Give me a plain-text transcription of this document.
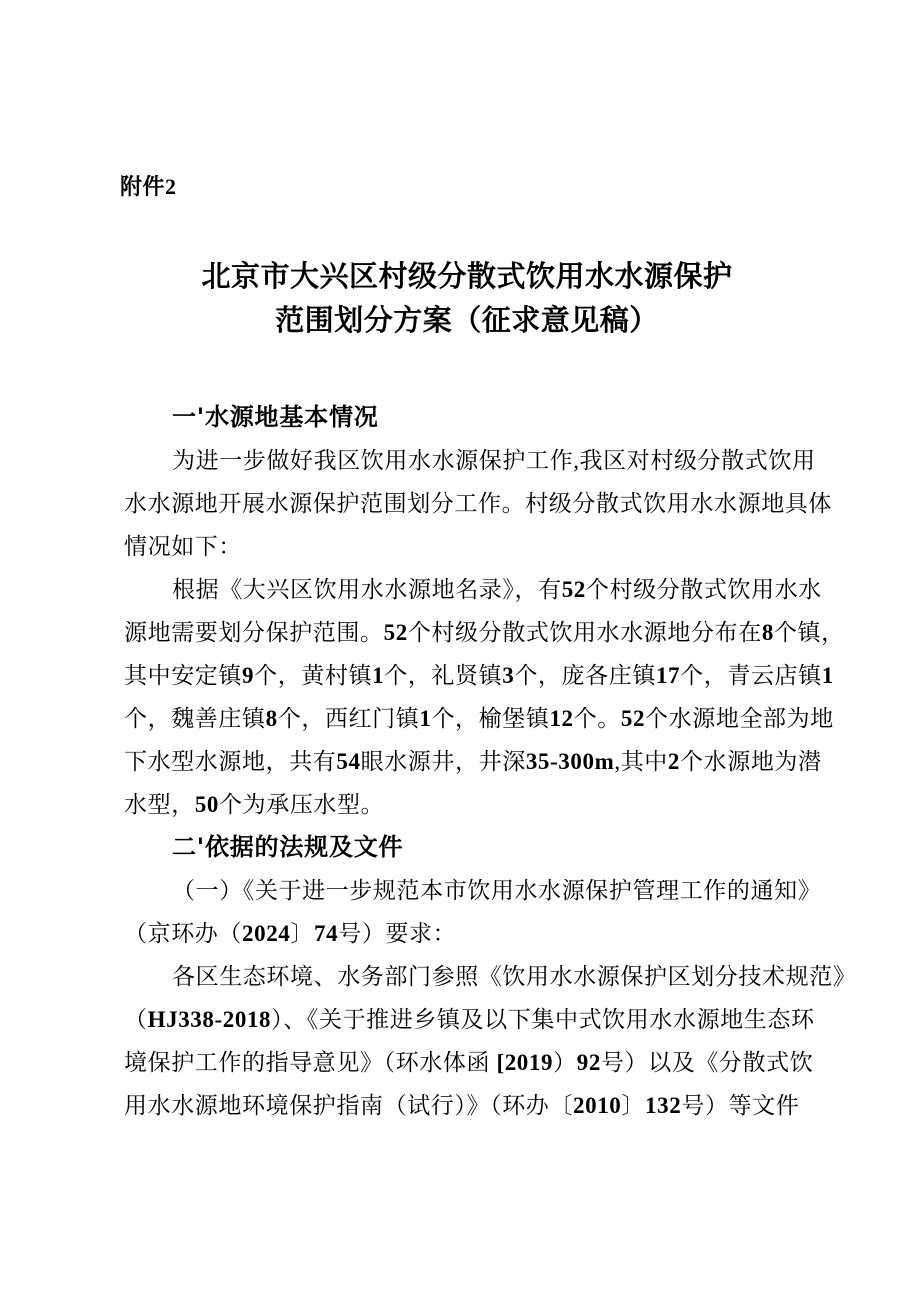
附件2
北京市大兴区村级分散式饮用水水源保护
范围划分方案（征求意见稿）
一'水源地基本情况
为进一步做好我区饮用水水源保护工作,我区对村级分散式饮用
水水源地开展水源保护范围划分工作。村级分散式饮用水水源地具体
情况如下：
根据《大兴区饮用水水源地名录》，有52个村级分散式饮用水水
源地需要划分保护范围。52个村级分散式饮用水水源地分布在8个镇，
其中安定镇9个，黄村镇1个，礼贤镇3个，庞各庄镇17个，青云店镇1
个，魏善庄镇8个，西红门镇1个，榆堡镇12个。52个水源地全部为地
下水型水源地，共有54眼水源井，井深35-300m,其中2个水源地为潜
水型，50个为承压水型。
二'依据的法规及文件
（一）《关于进一步规范本市饮用水水源保护管理工作的通知》
（京环办（2024〕74号）要求：
各区生态环境、水务部门参照《饮用水水源保护区划分技术规范》
（HJ338-2018）、《关于推进乡镇及以下集中式饮用水水源地生态环
境保护工作的指导意见》（环水体函 [2019）92号）以及《分散式饮
用水水源地环境保护指南（试行）》（环办〔2010〕132号）等文件
